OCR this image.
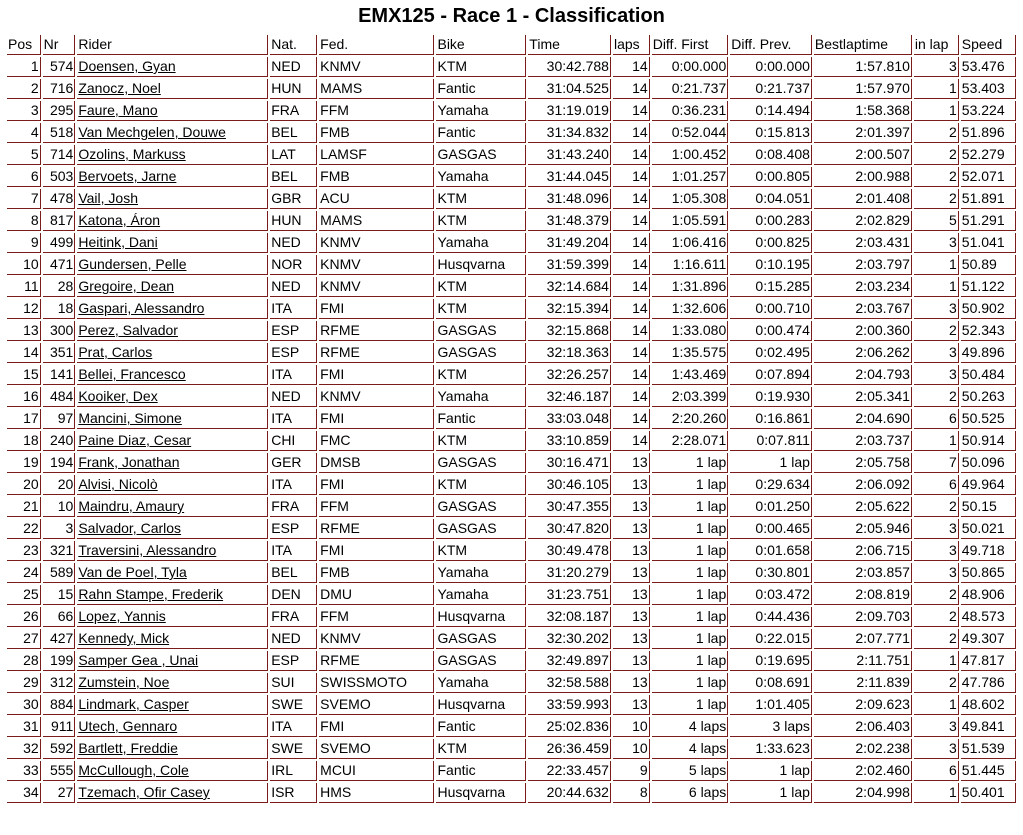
EMX125 - Race 1 - Classification
Pos	Nr	Rider	Nat.	Fed.	Bike	Time	laps	Diff. First	Diff. Prev.	Bestlaptime	in lap	Speed
1	574	Doensen, Gyan	NED	KNMV	KTM	30:42.788	14	0:00.000	0:00.000	1:57.810	3	53.476
2	716	Zanocz, Noel	HUN	MAMS	Fantic	31:04.525	14	0:21.737	0:21.737	1:57.970	1	53.403
3	295	Faure, Mano	FRA	FFM	Yamaha	31:19.019	14	0:36.231	0:14.494	1:58.368	1	53.224
4	518	Van Mechgelen, Douwe	BEL	FMB	Fantic	31:34.832	14	0:52.044	0:15.813	2:01.397	2	51.896
5	714	Ozolins, Markuss	LAT	LAMSF	GASGAS	31:43.240	14	1:00.452	0:08.408	2:00.507	2	52.279
6	503	Bervoets, Jarne	BEL	FMB	Yamaha	31:44.045	14	1:01.257	0:00.805	2:00.988	2	52.071
7	478	Vail, Josh	GBR	ACU	KTM	31:48.096	14	1:05.308	0:04.051	2:01.408	2	51.891
8	817	Katona, Áron	HUN	MAMS	KTM	31:48.379	14	1:05.591	0:00.283	2:02.829	5	51.291
9	499	Heitink, Dani	NED	KNMV	Yamaha	31:49.204	14	1:06.416	0:00.825	2:03.431	3	51.041
10	471	Gundersen, Pelle	NOR	KNMV	Husqvarna	31:59.399	14	1:16.611	0:10.195	2:03.797	1	50.89
11	28	Gregoire, Dean	NED	KNMV	KTM	32:14.684	14	1:31.896	0:15.285	2:03.234	1	51.122
12	18	Gaspari, Alessandro	ITA	FMI	KTM	32:15.394	14	1:32.606	0:00.710	2:03.767	3	50.902
13	300	Perez, Salvador	ESP	RFME	GASGAS	32:15.868	14	1:33.080	0:00.474	2:00.360	2	52.343
14	351	Prat, Carlos	ESP	RFME	GASGAS	32:18.363	14	1:35.575	0:02.495	2:06.262	3	49.896
15	141	Bellei, Francesco	ITA	FMI	KTM	32:26.257	14	1:43.469	0:07.894	2:04.793	3	50.484
16	484	Kooiker, Dex	NED	KNMV	Yamaha	32:46.187	14	2:03.399	0:19.930	2:05.341	2	50.263
17	97	Mancini, Simone	ITA	FMI	Fantic	33:03.048	14	2:20.260	0:16.861	2:04.690	6	50.525
18	240	Paine Diaz, Cesar	CHI	FMC	KTM	33:10.859	14	2:28.071	0:07.811	2:03.737	1	50.914
19	194	Frank, Jonathan	GER	DMSB	GASGAS	30:16.471	13	1 lap	1 lap	2:05.758	7	50.096
20	20	Alvisi, Nicolò	ITA	FMI	KTM	30:46.105	13	1 lap	0:29.634	2:06.092	6	49.964
21	10	Maindru, Amaury	FRA	FFM	GASGAS	30:47.355	13	1 lap	0:01.250	2:05.622	2	50.15
22	3	Salvador, Carlos	ESP	RFME	GASGAS	30:47.820	13	1 lap	0:00.465	2:05.946	3	50.021
23	321	Traversini, Alessandro	ITA	FMI	KTM	30:49.478	13	1 lap	0:01.658	2:06.715	3	49.718
24	589	Van de Poel, Tyla	BEL	FMB	Yamaha	31:20.279	13	1 lap	0:30.801	2:03.857	3	50.865
25	15	Rahn Stampe, Frederik	DEN	DMU	Yamaha	31:23.751	13	1 lap	0:03.472	2:08.819	2	48.906
26	66	Lopez, Yannis	FRA	FFM	Husqvarna	32:08.187	13	1 lap	0:44.436	2:09.703	2	48.573
27	427	Kennedy, Mick	NED	KNMV	GASGAS	32:30.202	13	1 lap	0:22.015	2:07.771	2	49.307
28	199	Samper Gea , Unai	ESP	RFME	GASGAS	32:49.897	13	1 lap	0:19.695	2:11.751	1	47.817
29	312	Zumstein, Noe	SUI	SWISSMOTO	Yamaha	32:58.588	13	1 lap	0:08.691	2:11.839	2	47.786
30	884	Lindmark, Casper	SWE	SVEMO	Husqvarna	33:59.993	13	1 lap	1:01.405	2:09.623	1	48.602
31	911	Utech, Gennaro	ITA	FMI	Fantic	25:02.836	10	4 laps	3 laps	2:06.403	3	49.841
32	592	Bartlett, Freddie	SWE	SVEMO	KTM	26:36.459	10	4 laps	1:33.623	2:02.238	3	51.539
33	555	McCullough, Cole	IRL	MCUI	Fantic	22:33.457	9	5 laps	1 lap	2:02.460	6	51.445
34	27	Tzemach, Ofir Casey	ISR	HMS	Husqvarna	20:44.632	8	6 laps	1 lap	2:04.998	1	50.401
